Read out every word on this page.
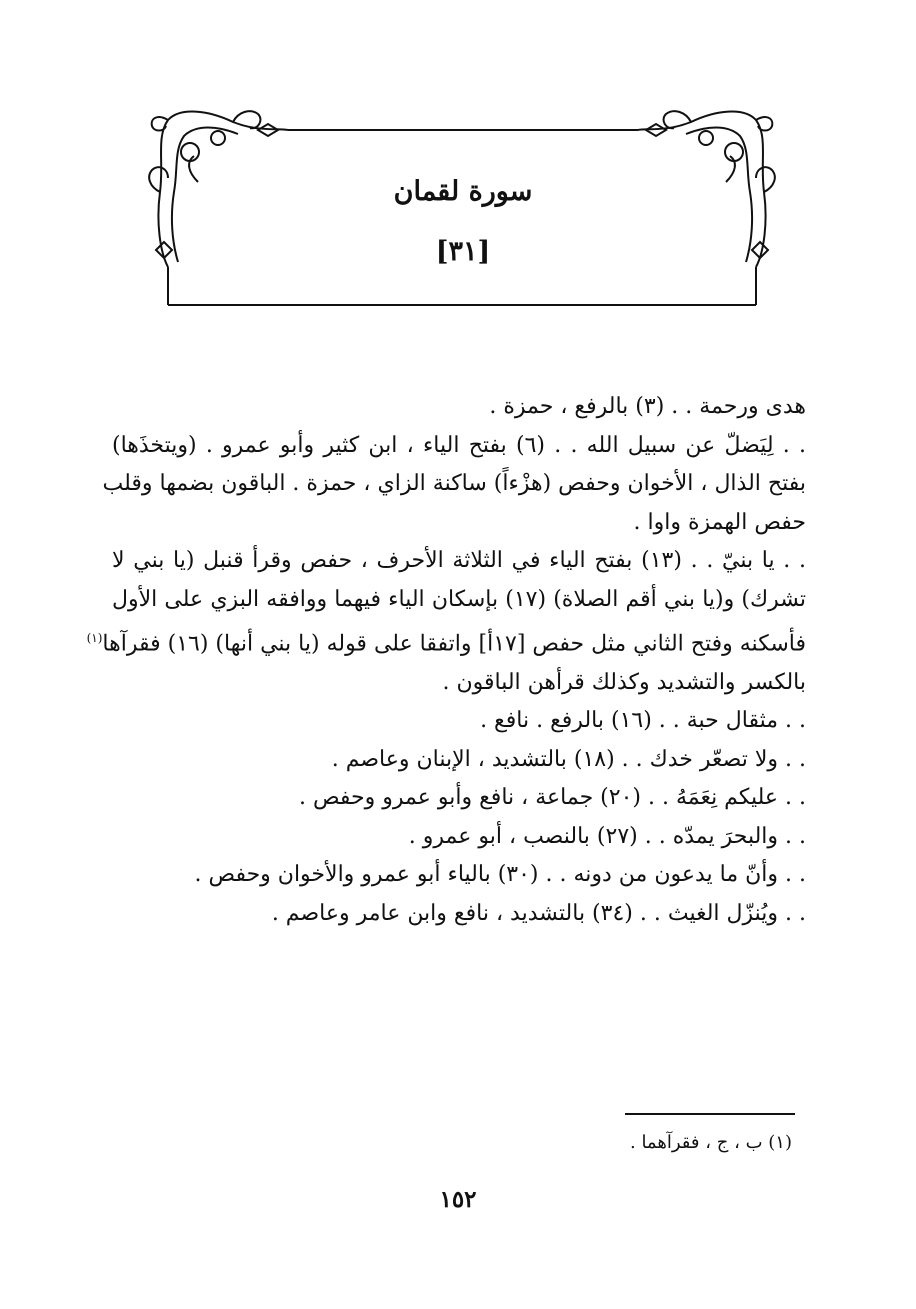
سورة لقمان
[٣١]
هدى ورحمة . . (٣) بالرفع ، حمزة .
. . لِيَضلّ عن سبيل الله . . (٦) بفتح الياء ، ابن كثير وأبو عمرو . (ويتخذَها)
بفتح الذال ، الأخوان وحفص (هزْءاً) ساكنة الزاي ، حمزة . الباقون بضمها وقلب
حفص الهمزة واوا .
. . يا بنيّ . . (١٣) بفتح الياء في الثلاثة الأحرف ، حفص وقرأ قنبل (يا بني لا
تشرك) و(يا بني أقم الصلاة) (١٧) بإسكان الياء فيهما ووافقه البزي على الأول
فأسكنه وفتح الثاني مثل حفص [١٧أ] واتفقا على قوله (يا بني أنها) (١٦) فقرآها$^{(١)}$
بالكسر والتشديد وكذلك قرأهن الباقون .
. . مثقال حبة . . (١٦) بالرفع . نافع .
. . ولا تصعّر خدك . . (١٨) بالتشديد ، الإبنان وعاصم .
. . عليكم نِعَمَهُ . . (٢٠) جماعة ، نافع وأبو عمرو وحفص .
. . والبحرَ يمدّه . . (٢٧) بالنصب ، أبو عمرو .
. . وأنّ ما يدعون من دونه . . (٣٠) بالياء أبو عمرو والأخوان وحفص .
. . ويُنزّل الغيث . . (٣٤) بالتشديد ، نافع وابن عامر وعاصم .
(١) ب ، ج ، فقرآهما .
١٥٢
